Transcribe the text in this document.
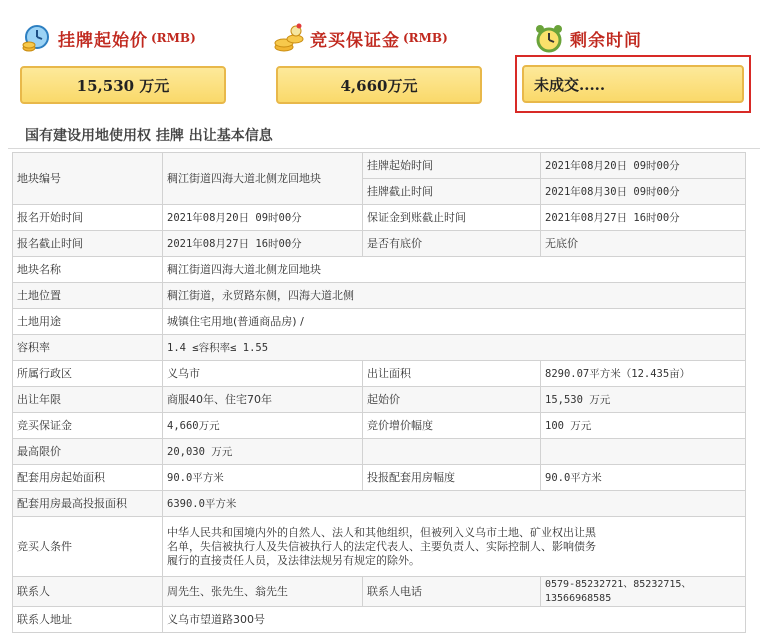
挂牌起始价 (RMB)
15,530 万元
竞买保证金 (RMB)
4,660万元
剩余时间
未成交.....
国有建设用地使用权 挂牌 出让基本信息
地块编号	稠江街道四海大道北侧龙回地块	挂牌起始时间	2021年08月20日 09时00分
		挂牌截止时间	2021年08月30日 09时00分
报名开始时间	2021年08月20日 09时00分	保证金到账截止时间	2021年08月27日 16时00分
报名截止时间	2021年08月27日 16时00分	是否有底价	无底价
地块名称	稠江街道四海大道北侧龙回地块		
土地位置	稠江街道，永贸路东侧，四海大道北侧		
土地用途	城镇住宅用地(普通商品房) /		
容积率	1.4 ≤容积率≤ 1.55		
所属行政区	义乌市	出让面积	8290.07平方米（12.435亩）
出让年限	商服40年、住宅70年	起始价	15,530 万元
竞买保证金	4,660万元	竞价增价幅度	100 万元
最高限价	20,030 万元		
配套用房起始面积	90.0平方米	投报配套用房幅度	90.0平方米
配套用房最高投报面积	6390.0平方米		
竞买人条件	中华人民共和国境内外的自然人、法人和其他组织，但被列入义乌市土地、矿业权出让黑名单，失信被执行人及失信被执行人的法定代表人、主要负责人、实际控制人、影响债务履行的直接责任人员，及法律法规另有规定的除外。		
联系人	周先生、张先生、翁先生	联系人电话	0579-85232721、85232715、13566968585
联系人地址	义乌市望道路300号		
